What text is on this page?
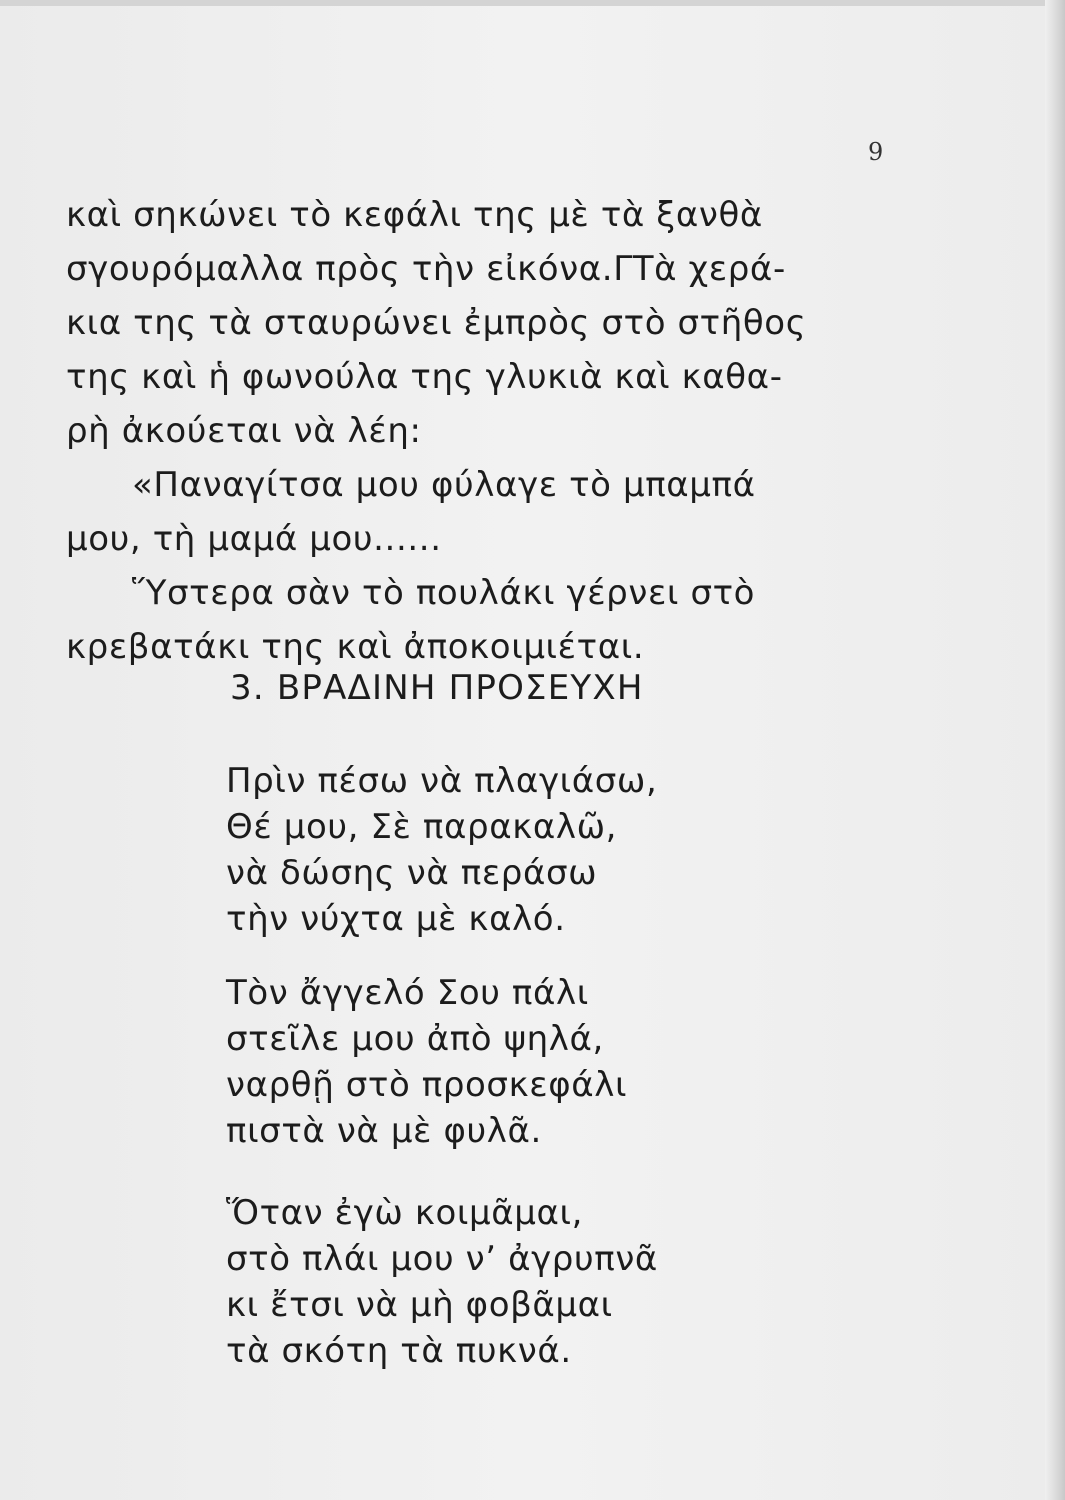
9
καὶ σηκώνει τὸ κεφάλι της μὲ τὰ ξανθὰ
σγουρόμαλλα πρὸς τὴν εἰκόνα.ΓΤὰ χερά-
κια της τὰ σταυρώνει ἐμπρὸς στὸ στῆθος
της καὶ ἡ φωνούλα της γλυκιὰ καὶ καθα-
ρὴ ἀκούεται νὰ λέη:
«Παναγίτσα μου φύλαγε τὸ μπαμπά
μου, τὴ μαμά μου......
Ὕστερα σὰν τὸ πουλάκι γέρνει στὸ
κρεβατάκι της καὶ ἀποκοιμιέται.
3. ΒΡΑΔΙΝΗ ΠΡΟΣΕΥΧΗ
Πρὶν πέσω νὰ πλαγιάσω,
Θέ μου, Σὲ παρακαλῶ,
νὰ δώσης νὰ περάσω
τὴν νύχτα μὲ καλό.
Τὸν ἄγγελό Σου πάλι
στεῖλε μου ἀπὸ ψηλά,
ναρθῇ στὸ προσκεφάλι
πιστὰ νὰ μὲ φυλᾶ.
Ὅταν ἐγὼ κοιμᾶμαι,
στὸ πλάι μου ν’ ἀγρυπνᾶ
κι ἔτσι νὰ μὴ φοβᾶμαι
τὰ σκότη τὰ πυκνά.
